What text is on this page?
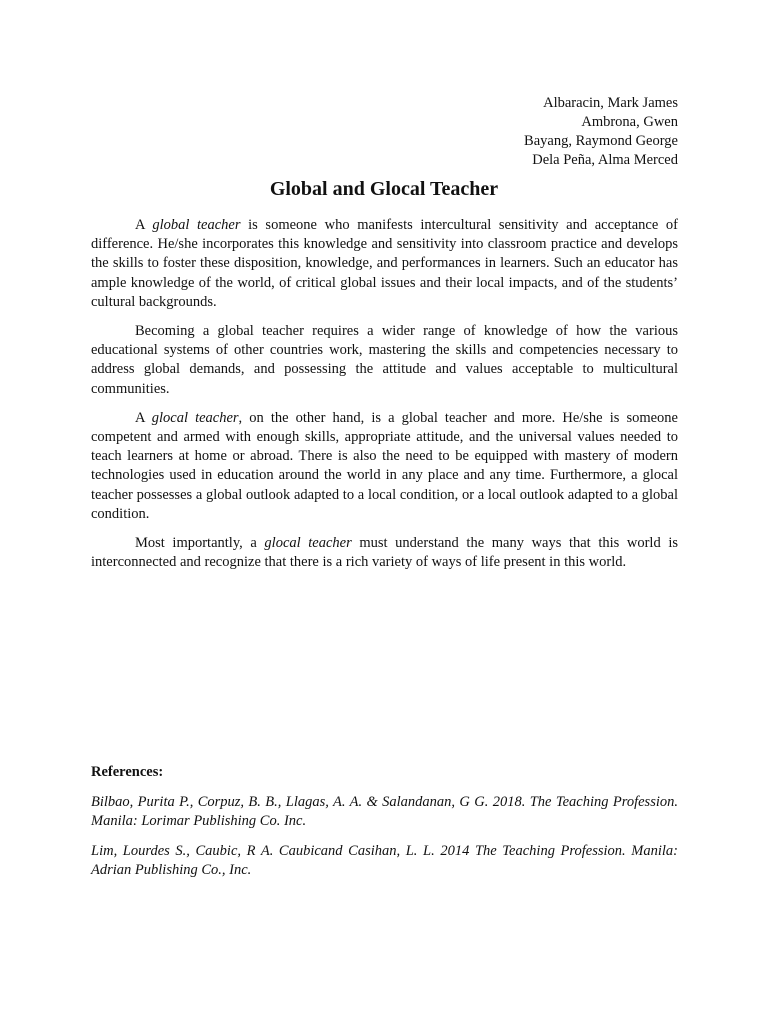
Albaracin, Mark James
Ambrona, Gwen
Bayang, Raymond George
Dela Peña, Alma Merced
Global and Glocal Teacher

A global teacher is someone who manifests intercultural sensitivity and acceptance of difference. He/she incorporates this knowledge and sensitivity into classroom practice and develops the skills to foster these disposition, knowledge, and performances in learners. Such an educator has ample knowledge of the world, of critical global issues and their local impacts, and of the students’ cultural backgrounds.

Becoming a global teacher requires a wider range of knowledge of how the various educational systems of other countries work, mastering the skills and competencies necessary to address global demands, and possessing the attitude and values acceptable to multicultural communities.

A glocal teacher, on the other hand, is a global teacher and more. He/she is someone competent and armed with enough skills, appropriate attitude, and the universal values needed to teach learners at home or abroad. There is also the need to be equipped with mastery of modern technologies used in education around the world in any place and any time. Furthermore, a glocal teacher possesses a global outlook adapted to a local condition, or a local outlook adapted to a global condition.

Most importantly, a glocal teacher must understand the many ways that this world is interconnected and recognize that there is a rich variety of ways of life present in this world.

References:
Bilbao, Purita P., Corpuz, B. B., Llagas, A. A. & Salandanan, G G. 2018. The Teaching Profession. Manila: Lorimar Publishing Co. Inc.
Lim, Lourdes S., Caubic, R A. Caubicand Casihan, L. L. 2014 The Teaching Profession. Manila: Adrian Publishing Co., Inc.
